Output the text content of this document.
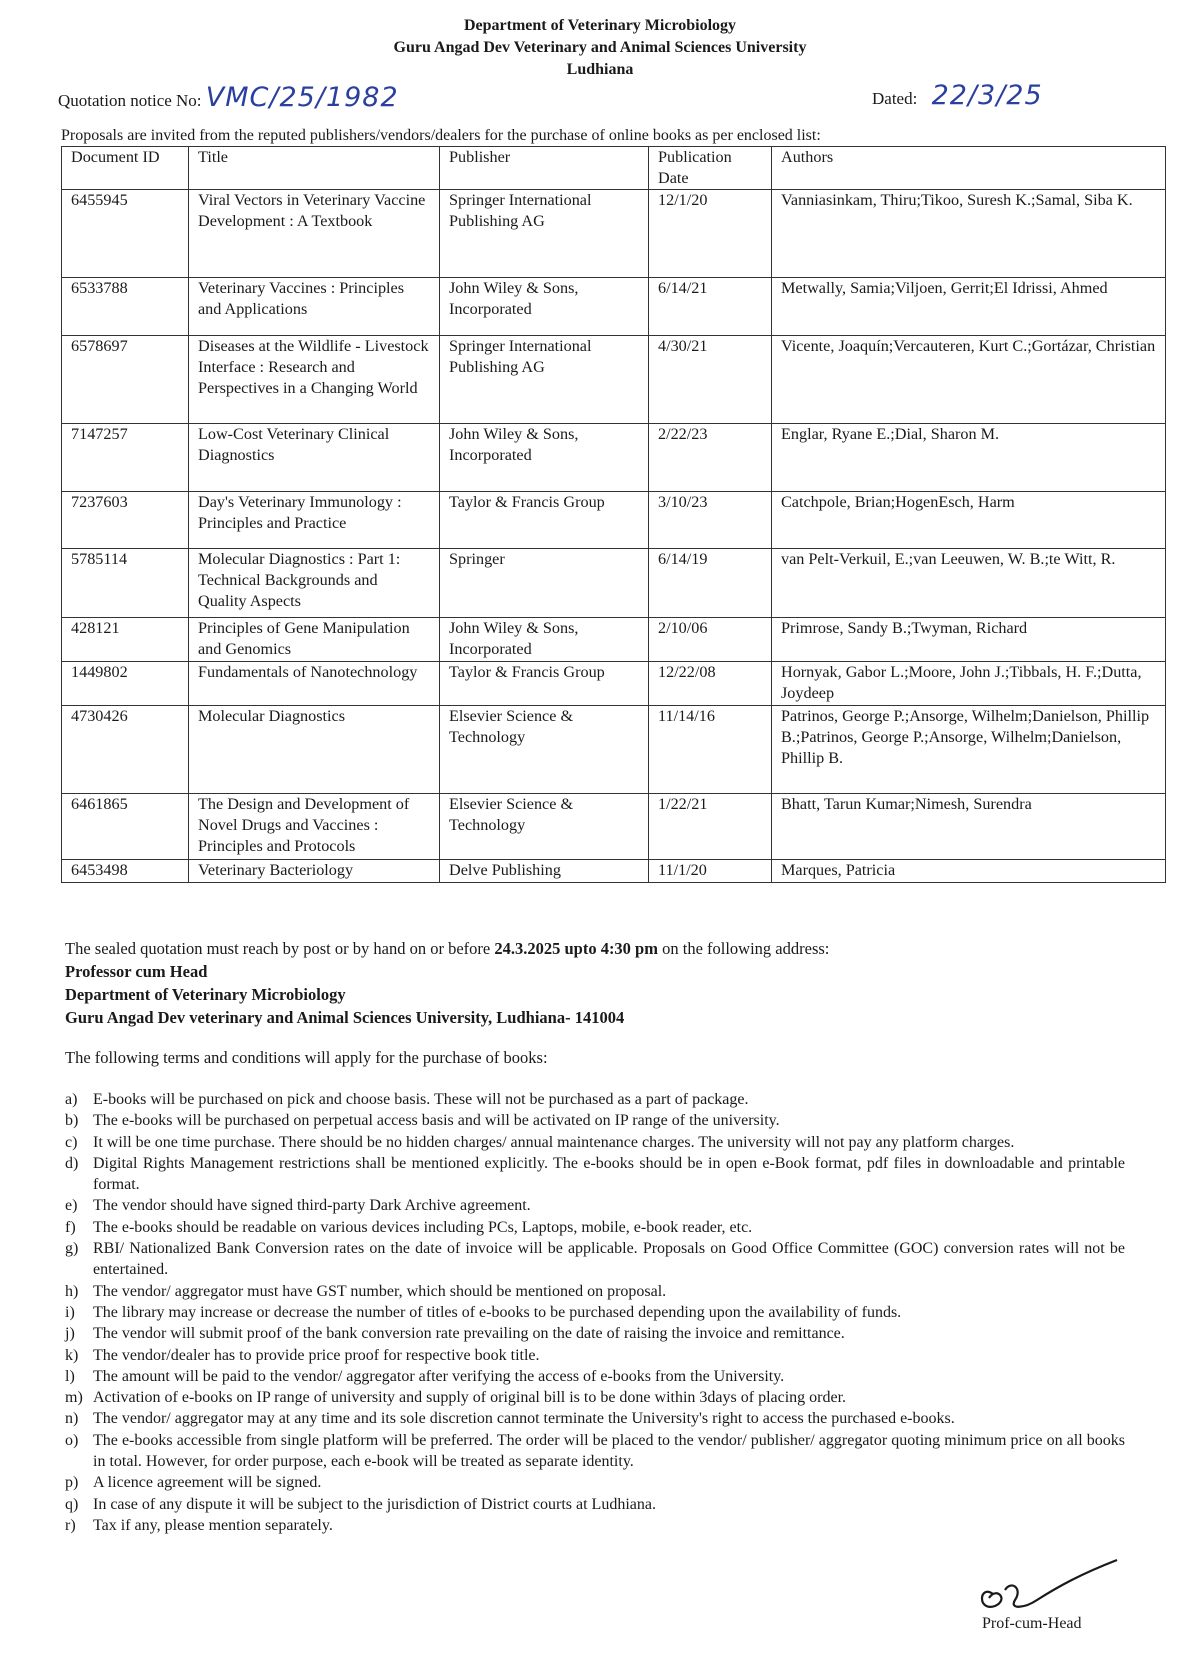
Department of Veterinary Microbiology
Guru Angad Dev Veterinary and Animal Sciences University
Ludhiana
Quotation notice No: VMC/25/1982	Dated: 22/3/25
Proposals are invited from the reputed publishers/vendors/dealers for the purchase of online books as per enclosed list:
Document ID	Title	Publisher	Publication Date	Authors
6455945	Viral Vectors in Veterinary Vaccine Development : A Textbook	Springer International Publishing AG	12/1/20	Vanniasinkam, Thiru;Tikoo, Suresh K.;Samal, Siba K.
6533788	Veterinary Vaccines : Principles and Applications	John Wiley & Sons, Incorporated	6/14/21	Metwally, Samia;Viljoen, Gerrit;El Idrissi, Ahmed
6578697	Diseases at the Wildlife - Livestock Interface : Research and Perspectives in a Changing World	Springer International Publishing AG	4/30/21	Vicente, Joaquín;Vercauteren, Kurt C.;Gortázar, Christian
7147257	Low-Cost Veterinary Clinical Diagnostics	John Wiley & Sons, Incorporated	2/22/23	Englar, Ryane E.;Dial, Sharon M.
7237603	Day's Veterinary Immunology : Principles and Practice	Taylor & Francis Group	3/10/23	Catchpole, Brian;HogenEsch, Harm
5785114	Molecular Diagnostics : Part 1: Technical Backgrounds and Quality Aspects	Springer	6/14/19	van Pelt-Verkuil, E.;van Leeuwen, W. B.;te Witt, R.
428121	Principles of Gene Manipulation and Genomics	John Wiley & Sons, Incorporated	2/10/06	Primrose, Sandy B.;Twyman, Richard
1449802	Fundamentals of Nanotechnology	Taylor & Francis Group	12/22/08	Hornyak, Gabor L.;Moore, John J.;Tibbals, H. F.;Dutta, Joydeep
4730426	Molecular Diagnostics	Elsevier Science & Technology	11/14/16	Patrinos, George P.;Ansorge, Wilhelm;Danielson, Phillip B.;Patrinos, George P.;Ansorge, Wilhelm;Danielson, Phillip B.
6461865	The Design and Development of Novel Drugs and Vaccines : Principles and Protocols	Elsevier Science & Technology	1/22/21	Bhatt, Tarun Kumar;Nimesh, Surendra
6453498	Veterinary Bacteriology	Delve Publishing	11/1/20	Marques, Patricia
The sealed quotation must reach by post or by hand on or before 24.3.2025 upto 4:30 pm on the following address:
Professor cum Head
Department of Veterinary Microbiology
Guru Angad Dev veterinary and Animal Sciences University, Ludhiana- 141004
The following terms and conditions will apply for the purchase of books:
a) E-books will be purchased on pick and choose basis. These will not be purchased as a part of package.
b) The e-books will be purchased on perpetual access basis and will be activated on IP range of the university.
c) It will be one time purchase. There should be no hidden charges/ annual maintenance charges. The university will not pay any platform charges.
d) Digital Rights Management restrictions shall be mentioned explicitly. The e-books should be in open e-Book format, pdf files in downloadable and printable format.
e) The vendor should have signed third-party Dark Archive agreement.
f)	The e-books should be readable on various devices including PCs, Laptops, mobile, e-book reader, etc.
g) RBI/ Nationalized Bank Conversion rates on the date of invoice will be applicable. Proposals on Good Office Committee (GOC) conversion rates will not be entertained.
h) The vendor/ aggregator must have GST number, which should be mentioned on proposal.
i)	The library may increase or decrease the number of titles of e-books to be purchased depending upon the availability of funds.
j)	The vendor will submit proof of the bank conversion rate prevailing on the date of raising the invoice and remittance.
k) The vendor/dealer has to provide price proof for respective book title.
l)	The amount will be paid to the vendor/ aggregator after verifying the access of e-books from the University.
m) Activation of e-books on IP range of university and supply of original bill is to be done within 3days of placing order.
n) The vendor/ aggregator may at any time and its sole discretion cannot terminate the University's right to access the purchased e-books.
o) The e-books accessible from single platform will be preferred. The order will be placed to the vendor/ publisher/ aggregator quoting minimum price on all books in total. However, for order purpose, each e-book will be treated as separate identity.
p) A licence agreement will be signed.
q) In case of any dispute it will be subject to the jurisdiction of District courts at Ludhiana.
r)	Tax if any, please mention separately.
Prof-cum-Head
